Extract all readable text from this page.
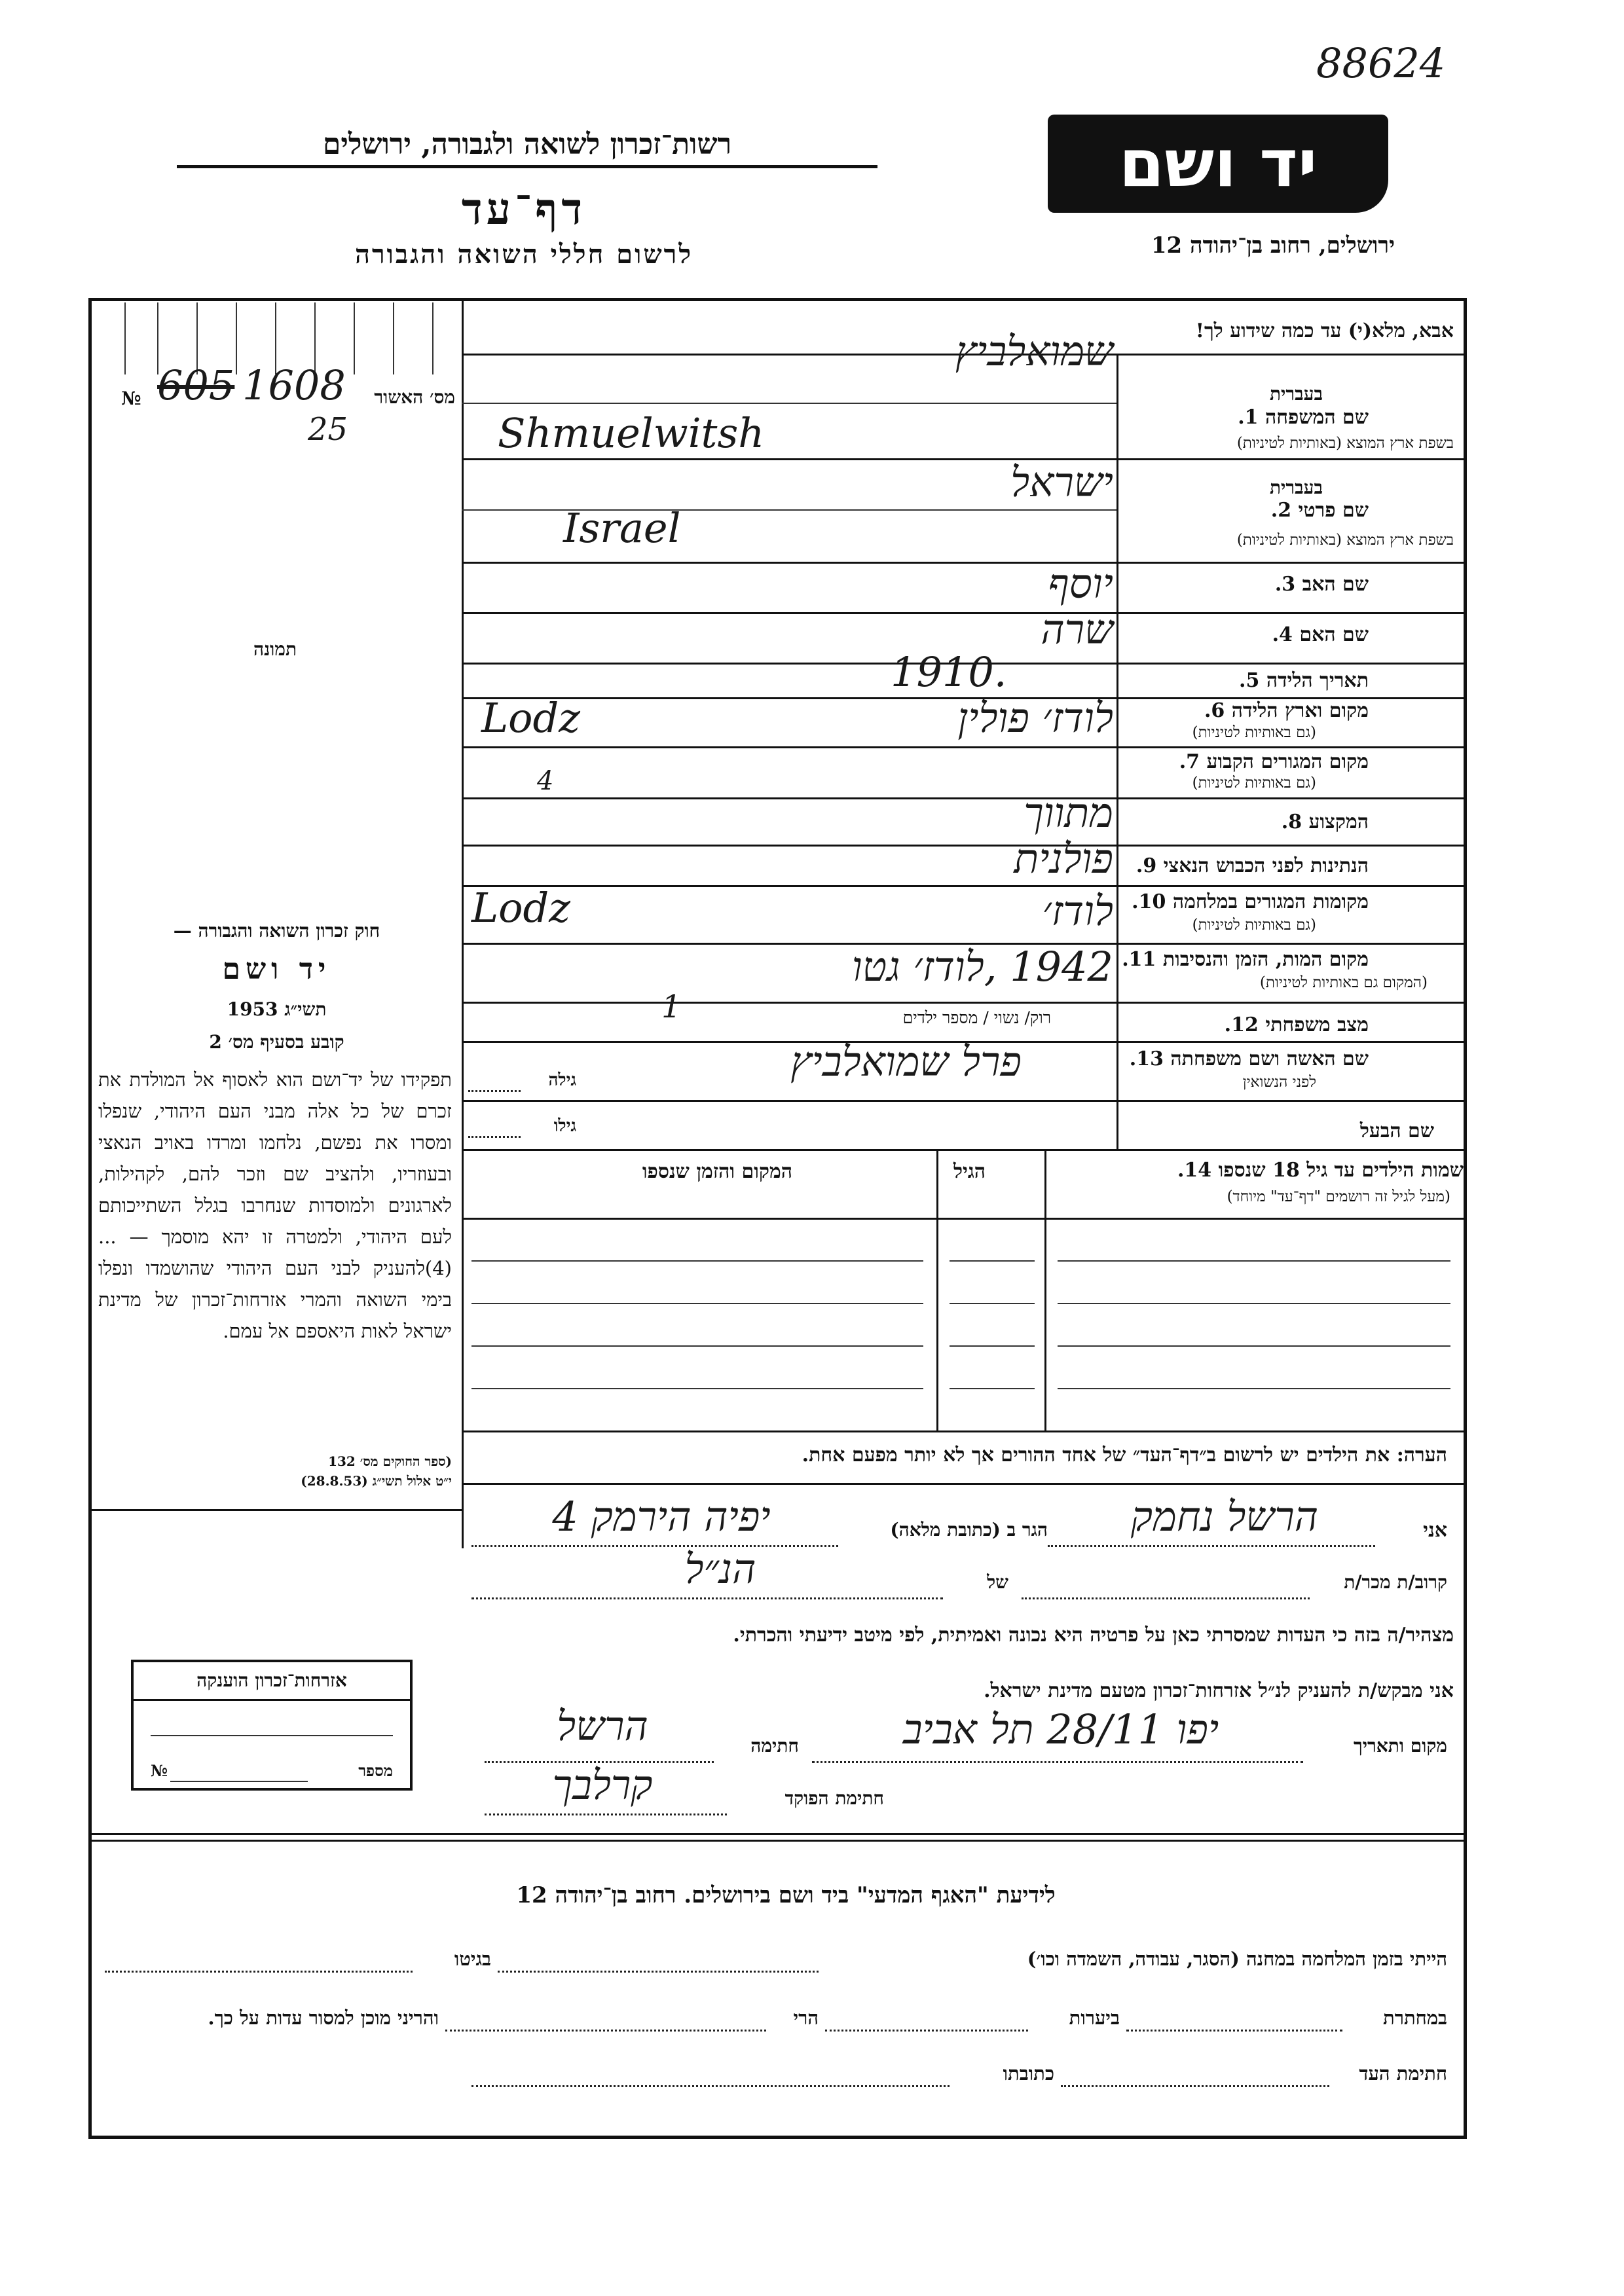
88624
יד ושם
ירושלים, רחוב בן־יהודה 12
רשות־זכרון לשואה ולגבורה, ירושלים
דף־עד
לרשום חללי השואה והגבורה
מס׳ האשור
№ 605 1608
25
תמונה
אבא, מלא(י) עד כמה שידוע לך!
שם המשפחה 1.
בעברית
בשפת ארץ המוצא (באותיות לטיניות)
שמואלביץ
Shmuelwitsh
שם פרטי 2.
בעברית
בשפת ארץ המוצא (באותיות לטיניות)
ישראל
Israel
שם האב 3.
יוסף
שם האם 4.
שרה
תאריך הלידה 5.
1910.
מקום וארץ הלידה 6.
(גם באותיות לטיניות)
לודז׳ פולין
Lodz
מקום המגורים הקבוע 7.
(גם באותיות לטיניות)
4
המקצוע 8.
מתווך
הנתינות לפני הכבוש הנאצי 9.
פולנית
מקומות המגורים במלחמה 10.
(גם באותיות לטיניות)
לודז׳
Lodz
מקום המות, הזמן והנסיבות 11.
(המקום גם באותיות לטיניות)
1942 ,לודז׳ גטו
מצב משפחתי 12.
רוק/ נשוי / מספר ילדים
1
שם האשה ושם משפחתה 13.
לפני הנשואין
פרל שמואלביץ
גילה
שם הבעל
גילו
שמות הילדים עד גיל 18 שנספו 14.
(מעל לגיל זה רושמים "דף־עד" מיוחד)
הגיל
המקום והזמן שנספו
חוק זכרון השואה והגבורה —
יד ושם
תשי״ג 1953
קובע בסעיף מס׳ 2
תפקידו של יד־ושם הוא לאסוף אל המולדת את זכרם של כל אלה מבני העם היהודי, שנפלו ומסרו את נפשם, נלחמו ומרדו באויב הנאצי ובעוזריו, ולהציב שם וזכר להם, לקהילות, לארגונים ולמוסדות שנחרבו בגלל השתייכותם לעם היהודי, ולמטרה זו יהא מוסמך — ...(4)להעניק לבני העם היהודי שהושמדו ונפלו בימי השואה והמרי אזרחות־זכרון של מדינת ישראל לאות היאספם אל עמם.
(ספר החוקים מס׳ 132
י״ט אלול תשי״ג (28.8.53)
הערה: את הילדים יש לרשום ב״דף־העד״ של אחד ההורים אך לא יותר מפעם אחת.
אני
הרשל נחמק
הגר ב (כתובת מלאה)
יפיה הירמק 4
קרוב/ת מכר/ת
של
הנ״ל
מצהיר/ה בזה כי העדות שמסרתי כאן על פרטיה היא נכונה ואמיתית, לפי מיטב ידיעתי והכרתי.
אני מבקש/ת להעניק לנ״ל אזרחות־זכרון מטעם מדינת ישראל.
מקום ותאריך
יפו 28/11 תל אביב
חתימה
הרשל
חתימת הפוקד
קרלבך
אזרחות־זכרון הוענקה
מספר
№
לידיעת "האגף המדעי" ביד ושם בירושלים. רחוב בן־יהודה 12
הייתי בזמן המלחמה במחנה (הסגר, עבודה, השמדה וכו׳)
בגיטו
במחתרת
ביערות
הרי
והריני מוכן למסור עדות על כך.
חתימת העד
כתובתו
